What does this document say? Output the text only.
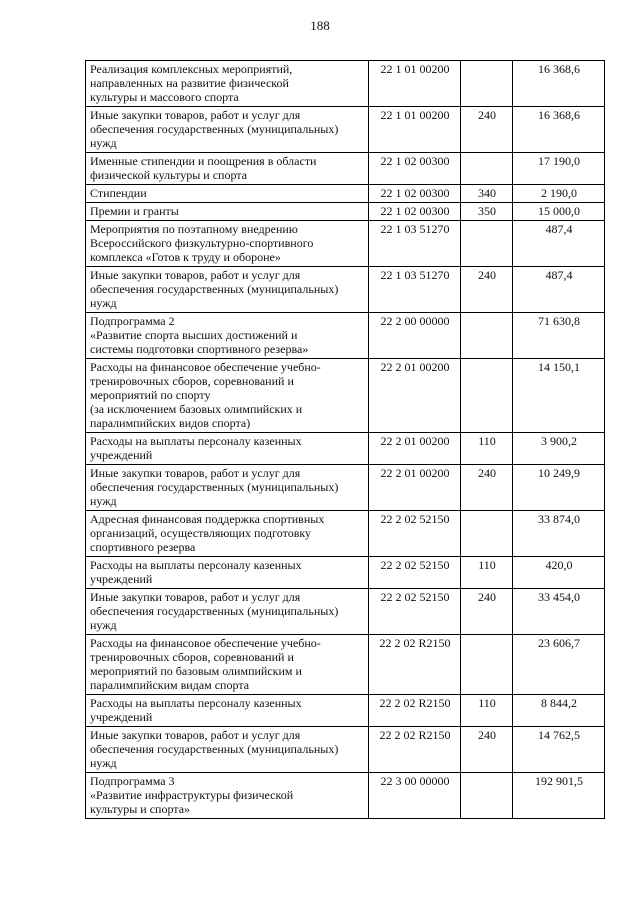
188
Реализация комплексных мероприятий,
направленных на развитие физической
культуры и массового спорта	22 1 01 00200		16 368,6

Иные закупки товаров, работ и услуг для
обеспечения государственных (муниципальных)
нужд	22 1 01 00200	240	16 368,6

Именные стипендии и поощрения в области
физической культуры и спорта	22 1 02 00300		17 190,0

Стипендии	22 1 02 00300	340	2 190,0

Премии и гранты	22 1 02 00300	350	15 000,0

Мероприятия по поэтапному внедрению
Всероссийского физкультурно-спортивного
комплекса «Готов к труду и обороне»	22 1 03 51270		487,4

Иные закупки товаров, работ и услуг для
обеспечения государственных (муниципальных)
нужд	22 1 03 51270	240	487,4

Подпрограмма 2
«Развитие спорта высших достижений и
системы подготовки спортивного резерва»	22 2 00 00000		71 630,8

Расходы на финансовое обеспечение учебно-
тренировочных сборов, соревнований и
мероприятий по спорту
(за исключением базовых олимпийских и
паралимпийских видов спорта)	22 2 01 00200		14 150,1

Расходы на выплаты персоналу казенных
учреждений	22 2 01 00200	110	3 900,2

Иные закупки товаров, работ и услуг для
обеспечения государственных (муниципальных)
нужд	22 2 01 00200	240	10 249,9

Адресная финансовая поддержка спортивных
организаций, осуществляющих подготовку
спортивного резерва	22 2 02 52150		33 874,0

Расходы на выплаты персоналу казенных
учреждений	22 2 02 52150	110	420,0

Иные закупки товаров, работ и услуг для
обеспечения государственных (муниципальных)
нужд	22 2 02 52150	240	33 454,0

Расходы на финансовое обеспечение учебно-
тренировочных сборов, соревнований и
мероприятий по базовым олимпийским и
паралимпийским видам спорта	22 2 02 R2150		23 606,7

Расходы на выплаты персоналу казенных
учреждений	22 2 02 R2150	110	8 844,2

Иные закупки товаров, работ и услуг для
обеспечения государственных (муниципальных)
нужд	22 2 02 R2150	240	14 762,5

Подпрограмма 3
«Развитие инфраструктуры физической
культуры и спорта»	22 3 00 00000		192 901,5
